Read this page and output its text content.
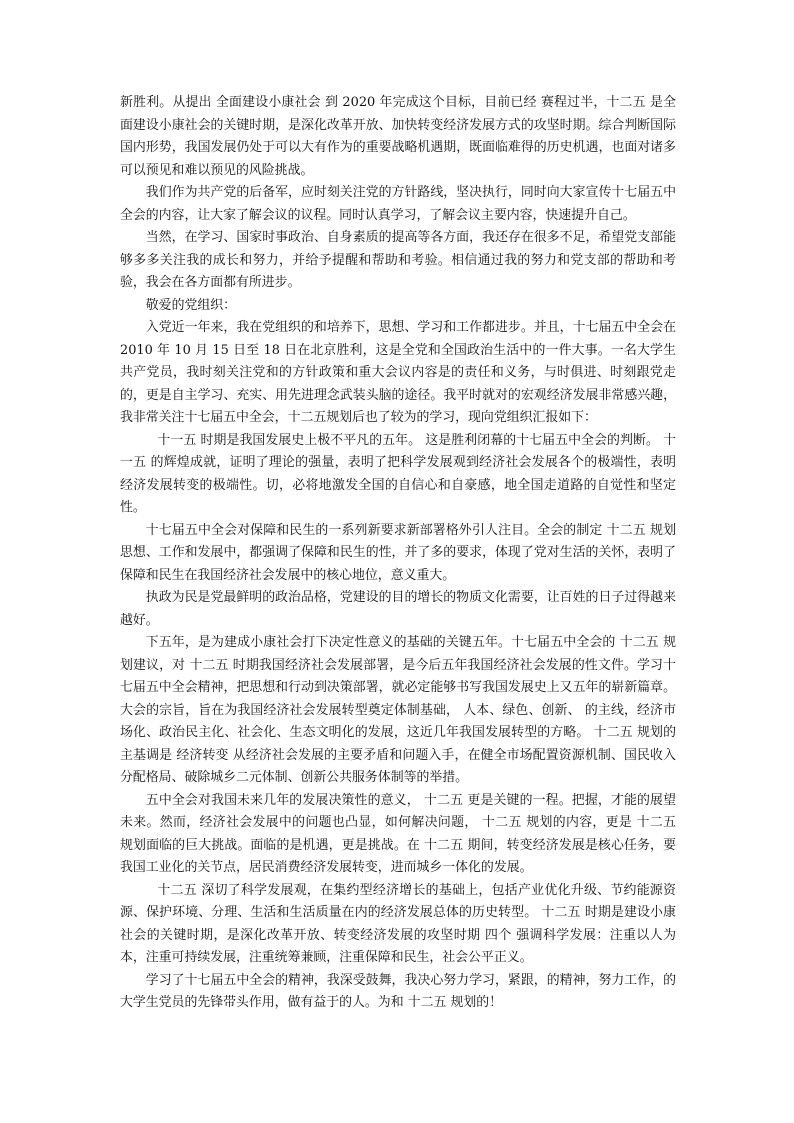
新胜利。从提出 全面建设小康社会 到 2020 年完成这个目标，目前已经 赛程过半，十二五 是全面建设小康社会的关键时期，是深化改革开放、加快转变经济发展方式的攻坚时期。综合判断国际国内形势，我国发展仍处于可以大有作为的重要战略机遇期，既面临难得的历史机遇，也面对诸多可以预见和难以预见的风险挑战。

我们作为共产党的后备军，应时刻关注党的方针路线，坚决执行，同时向大家宣传十七届五中全会的内容，让大家了解会议的议程。同时认真学习，了解会议主要内容，快速提升自己。

当然，在学习、国家时事政治、自身素质的提高等各方面，我还存在很多不足，希望党支部能够多多关注我的成长和努力，并给予提醒和帮助和考验。相信通过我的努力和党支部的帮助和考验，我会在各方面都有所进步。

敬爱的党组织：

入党近一年来，我在党组织的和培养下，思想、学习和工作都进步。并且，十七届五中全会在 2010 年 10 月 15 日至 18 日在北京胜利，这是全党和全国政治生活中的一件大事。一名大学生共产党员，我时刻关注党和的方针政策和重大会议内容是的责任和义务，与时俱进、时刻跟党走的，更是自主学习、充实、用先进理念武装头脑的途径。我平时就对的宏观经济发展非常感兴趣，我非常关注十七届五中全会，十二五规划后也了较为的学习，现向党组织汇报如下：

十一五 时期是我国发展史上极不平凡的五年。 这是胜利闭幕的十七届五中全会的判断。 十一五 的辉煌成就，证明了理论的强量，表明了把科学发展观到经济社会发展各个的极端性，表明经济发展转变的极端性。切，必将地激发全国的自信心和自豪感，地全国走道路的自觉性和坚定性。

十七届五中全会对保障和民生的一系列新要求新部署格外引人注目。全会的制定 十二五 规划思想、工作和发展中，都强调了保障和民生的性，并了多的要求，体现了党对生活的关怀，表明了保障和民生在我国经济社会发展中的核心地位，意义重大。

执政为民是党最鲜明的政治品格，党建设的目的增长的物质文化需要，让百姓的日子过得越来越好。

下五年，是为建成小康社会打下决定性意义的基础的关键五年。十七届五中全会的 十二五 规划建议，对 十二五 时期我国经济社会发展部署，是今后五年我国经济社会发展的性文件。学习十七届五中全会精神，把思想和行动到决策部署，就必定能够书写我国发展史上又五年的崭新篇章。大会的宗旨，旨在为我国经济社会发展转型奠定体制基础， 人本、绿色、创新、 的主线，经济市场化、政治民主化、社会化、生态文明化的发展，这近几年我国发展转型的方略。 十二五 规划的主基调是 经济转变 从经济社会发展的主要矛盾和问题入手，在健全市场配置资源机制、国民收入分配格局、破除城乡二元体制、创新公共服务体制等的举措。

五中全会对我国未来几年的发展决策性的意义， 十二五 更是关键的一程。把握，才能的展望未来。然而，经济社会发展中的问题也凸显，如何解决问题， 十二五 规划的内容，更是 十二五 规划面临的巨大挑战。面临的是机遇，更是挑战。在 十二五 期间，转变经济发展是核心任务，要我国工业化的关节点，居民消费经济发展转变，进而城乡一体化的发展。

十二五 深切了科学发展观，在集约型经济增长的基础上，包括产业优化升级、节约能源资源、保护环境、分理、生活和生活质量在内的经济发展总体的历史转型。 十二五 时期是建设小康社会的关键时期，是深化改革开放、转变经济发展的攻坚时期 四个 强调科学发展：注重以人为本，注重可持续发展，注重统筹兼顾，注重保障和民生，社会公平正义。

学习了十七届五中全会的精神，我深受鼓舞，我决心努力学习，紧跟，的精神，努力工作，的大学生党员的先锋带头作用，做有益于的人。为和 十二五 规划的！
